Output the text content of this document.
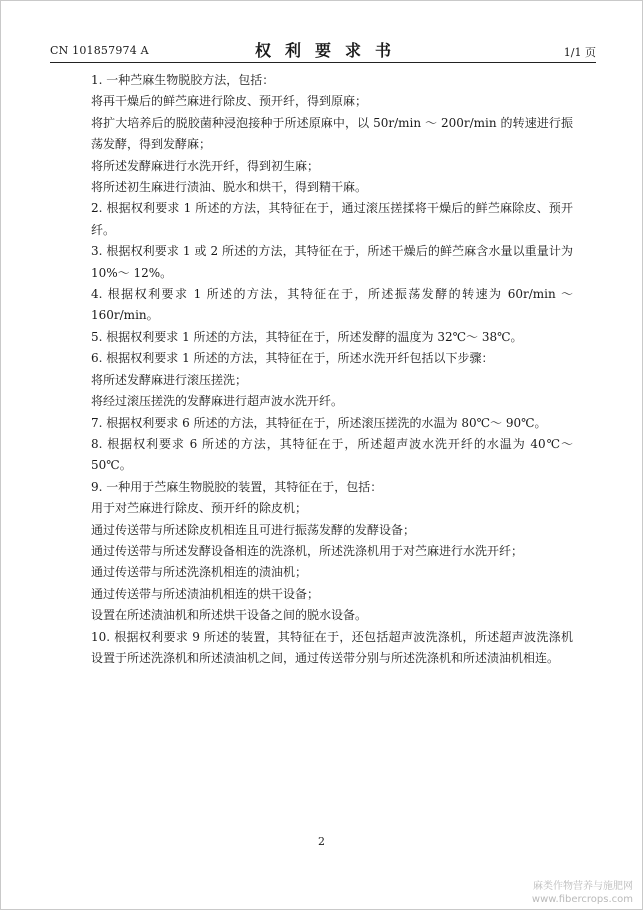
CN 101857974 A	权利要求书	1/1 页

1. 一种苎麻生物脱胶方法，包括：

将再干燥后的鲜苎麻进行除皮、预开纤，得到原麻；

将扩大培养后的脱胶菌种浸泡接种于所述原麻中，以 50r/min ～ 200r/min 的转速进行振荡发酵，得到发酵麻；

将所述发酵麻进行水洗开纤，得到初生麻；

将所述初生麻进行渍油、脱水和烘干，得到精干麻。

2. 根据权利要求 1 所述的方法，其特征在于，通过滚压搓揉将干燥后的鲜苎麻除皮、预开纤。

3. 根据权利要求 1 或 2 所述的方法，其特征在于，所述干燥后的鲜苎麻含水量以重量计为 10%～ 12%。

4. 根据权利要求 1 所述的方法，其特征在于，所述振荡发酵的转速为 60r/min ～ 160r/min。

5. 根据权利要求 1 所述的方法，其特征在于，所述发酵的温度为 32℃～ 38℃。

6. 根据权利要求 1 所述的方法，其特征在于，所述水洗开纤包括以下步骤：

将所述发酵麻进行滚压搓洗；

将经过滚压搓洗的发酵麻进行超声波水洗开纤。

7. 根据权利要求 6 所述的方法，其特征在于，所述滚压搓洗的水温为 80℃～ 90℃。

8. 根据权利要求 6 所述的方法，其特征在于，所述超声波水洗开纤的水温为 40℃～ 50℃。

9. 一种用于苎麻生物脱胶的装置，其特征在于，包括：

用于对苎麻进行除皮、预开纤的除皮机；

通过传送带与所述除皮机相连且可进行振荡发酵的发酵设备；

通过传送带与所述发酵设备相连的洗涤机，所述洗涤机用于对苎麻进行水洗开纤；

通过传送带与所述洗涤机相连的渍油机；

通过传送带与所述渍油机相连的烘干设备；

设置在所述渍油机和所述烘干设备之间的脱水设备。

10. 根据权利要求 9 所述的装置，其特征在于，还包括超声波洗涤机，所述超声波洗涤机设置于所述洗涤机和所述渍油机之间，通过传送带分别与所述洗涤机和所述渍油机相连。

2
麻类作物营养与施肥网
www.fibercrops.com
